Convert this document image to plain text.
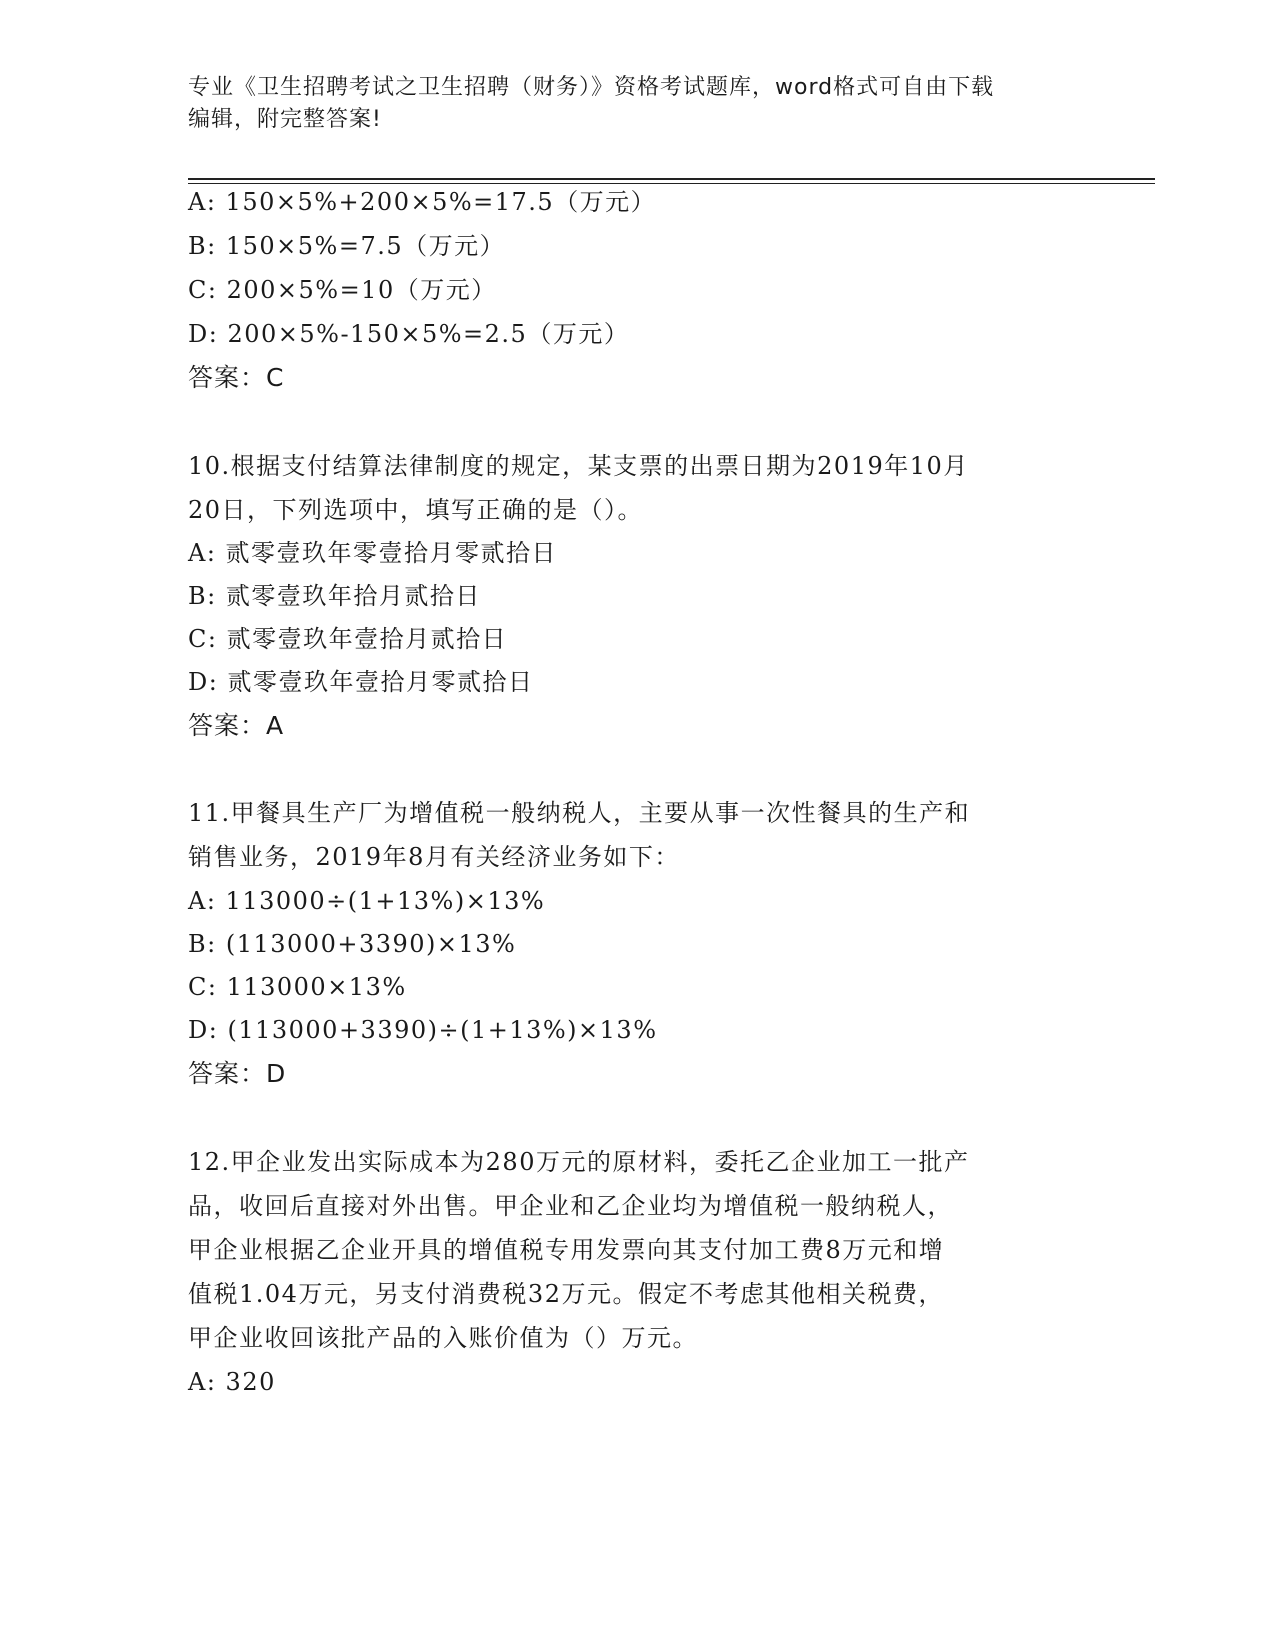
专业《卫生招聘考试之卫生招聘（财务）》资格考试题库，word格式可自由下载
编辑，附完整答案!
A: 150×5%+200×5%=17.5（万元）
B: 150×5%=7.5（万元）
C: 200×5%=10（万元）
D: 200×5%-150×5%=2.5（万元）
答案：C
10.根据支付结算法律制度的规定，某支票的出票日期为2019年10月
20日，下列选项中，填写正确的是（）。
A: 贰零壹玖年零壹拾月零贰拾日
B: 贰零壹玖年拾月贰拾日
C: 贰零壹玖年壹拾月贰拾日
D: 贰零壹玖年壹拾月零贰拾日
答案：A
11.甲餐具生产厂为增值税一般纳税人，主要从事一次性餐具的生产和
销售业务，2019年8月有关经济业务如下：
A: 113000÷(1+13%)×13%
B: (113000+3390)×13%
C: 113000×13%
D: (113000+3390)÷(1+13%)×13%
答案：D
12.甲企业发出实际成本为280万元的原材料，委托乙企业加工一批产
品，收回后直接对外出售。甲企业和乙企业均为增值税一般纳税人，
甲企业根据乙企业开具的增值税专用发票向其支付加工费8万元和增
值税1.04万元，另支付消费税32万元。假定不考虑其他相关税费，
甲企业收回该批产品的入账价值为（）万元。
A: 320
